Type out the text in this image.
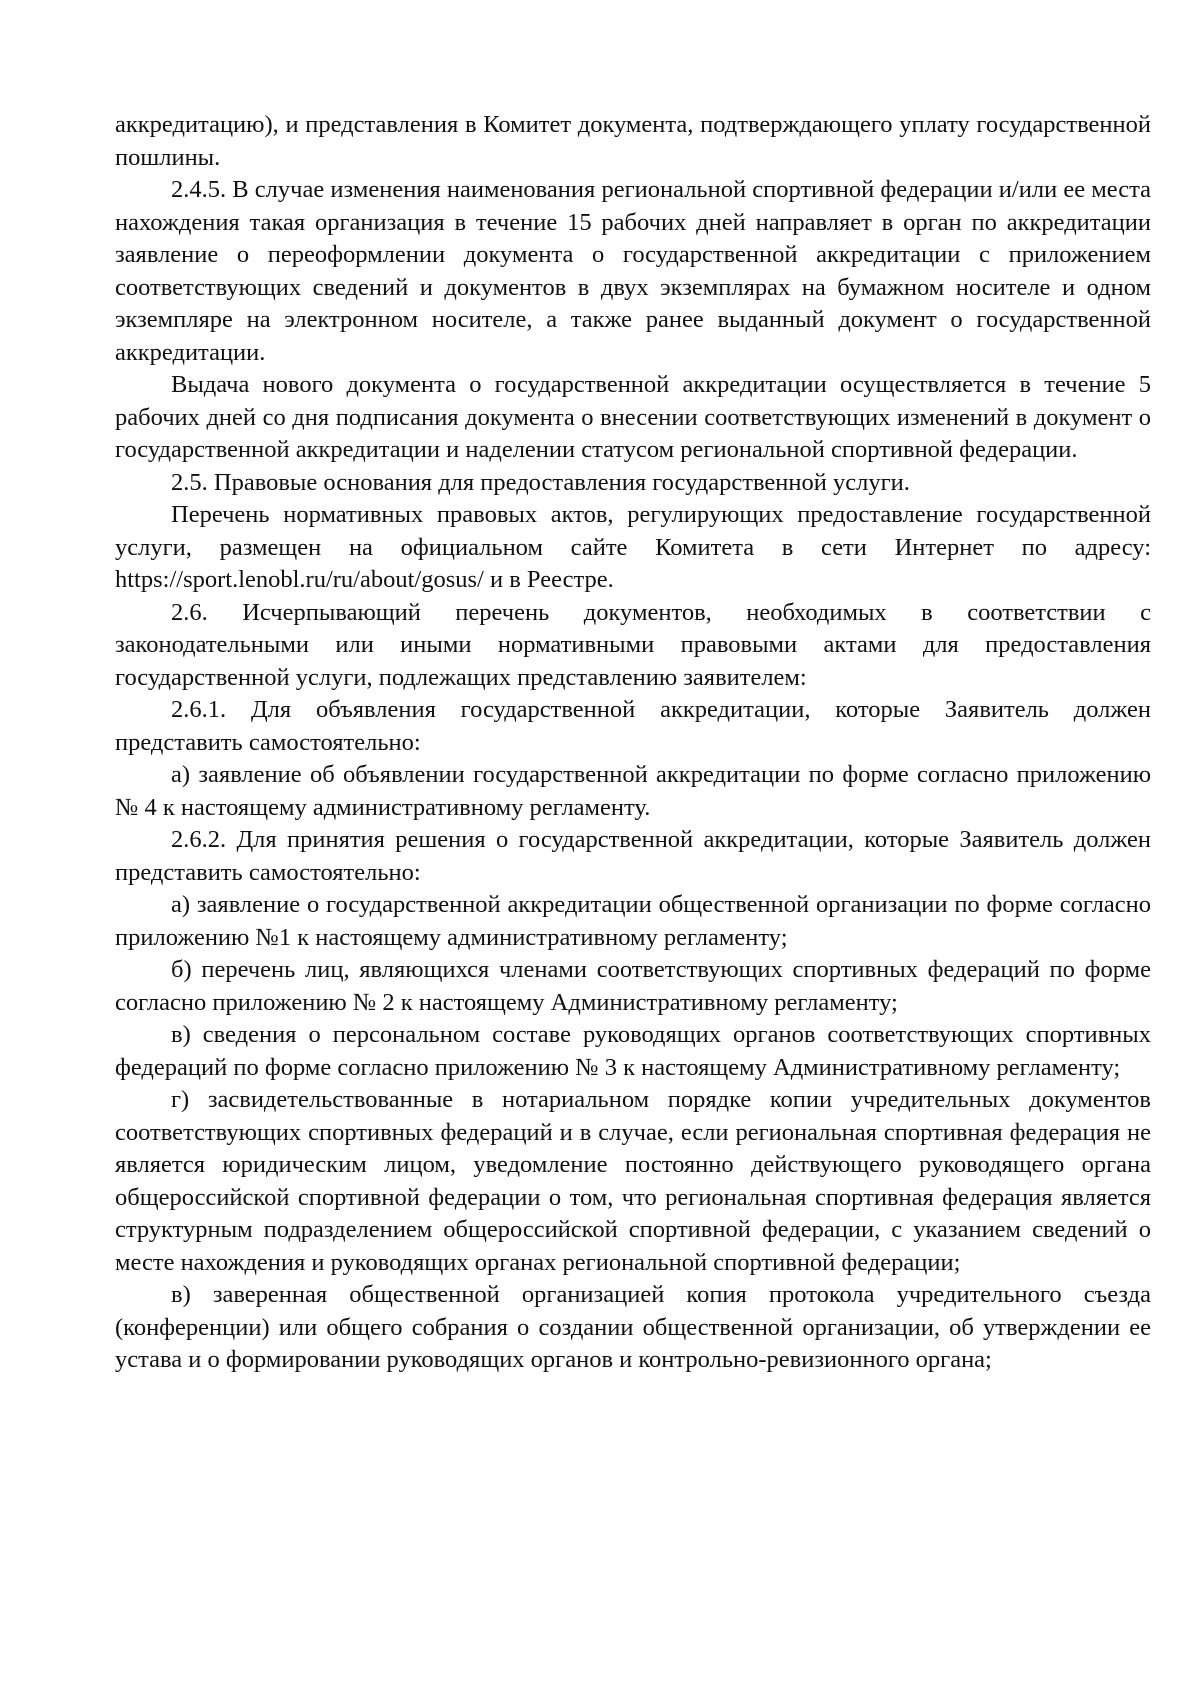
аккредитацию), и представления в Комитет документа, подтверждающего уплату государственной пошлины.

2.4.5. В случае изменения наименования региональной спортивной федерации и/или ее места нахождения такая организация в течение 15 рабочих дней направляет в орган по аккредитации заявление о переоформлении документа о государственной аккредитации с приложением соответствующих сведений и документов в двух экземплярах на бумажном носителе и одном экземпляре на электронном носителе, а также ранее выданный документ о государственной аккредитации.

Выдача нового документа о государственной аккредитации осуществляется в течение 5 рабочих дней со дня подписания документа о внесении соответствующих изменений в документ о государственной аккредитации и наделении статусом региональной спортивной федерации.

2.5. Правовые основания для предоставления государственной услуги.

Перечень нормативных правовых актов, регулирующих предоставление государственной услуги, размещен на официальном сайте Комитета в сети Интернет по адресу: https://sport.lenobl.ru/ru/about/gosus/ и в Реестре.

2.6. Исчерпывающий перечень документов, необходимых в соответствии с законодательными или иными нормативными правовыми актами для предоставления государственной услуги, подлежащих представлению заявителем:

2.6.1. Для объявления государственной аккредитации, которые Заявитель должен представить самостоятельно:

а) заявление об объявлении государственной аккредитации по форме согласно приложению № 4 к настоящему административному регламенту.

2.6.2. Для принятия решения о государственной аккредитации, которые Заявитель должен представить самостоятельно:

а) заявление о государственной аккредитации общественной организации по форме согласно приложению №1 к настоящему административному регламенту;

б) перечень лиц, являющихся членами соответствующих спортивных федераций по форме согласно приложению № 2 к настоящему Административному регламенту;

в) сведения о персональном составе руководящих органов соответствующих спортивных федераций по форме согласно приложению № 3 к настоящему Административному регламенту;

г) засвидетельствованные в нотариальном порядке копии учредительных документов соответствующих спортивных федераций и в случае, если региональная спортивная федерация не является юридическим лицом, уведомление постоянно действующего руководящего органа общероссийской спортивной федерации о том, что региональная спортивная федерация является структурным подразделением общероссийской спортивной федерации, с указанием сведений о месте нахождения и руководящих органах региональной спортивной федерации;

в) заверенная общественной организацией копия протокола учредительного съезда (конференции) или общего собрания о создании общественной организации, об утверждении ее устава и о формировании руководящих органов и контрольно-ревизионного органа;
